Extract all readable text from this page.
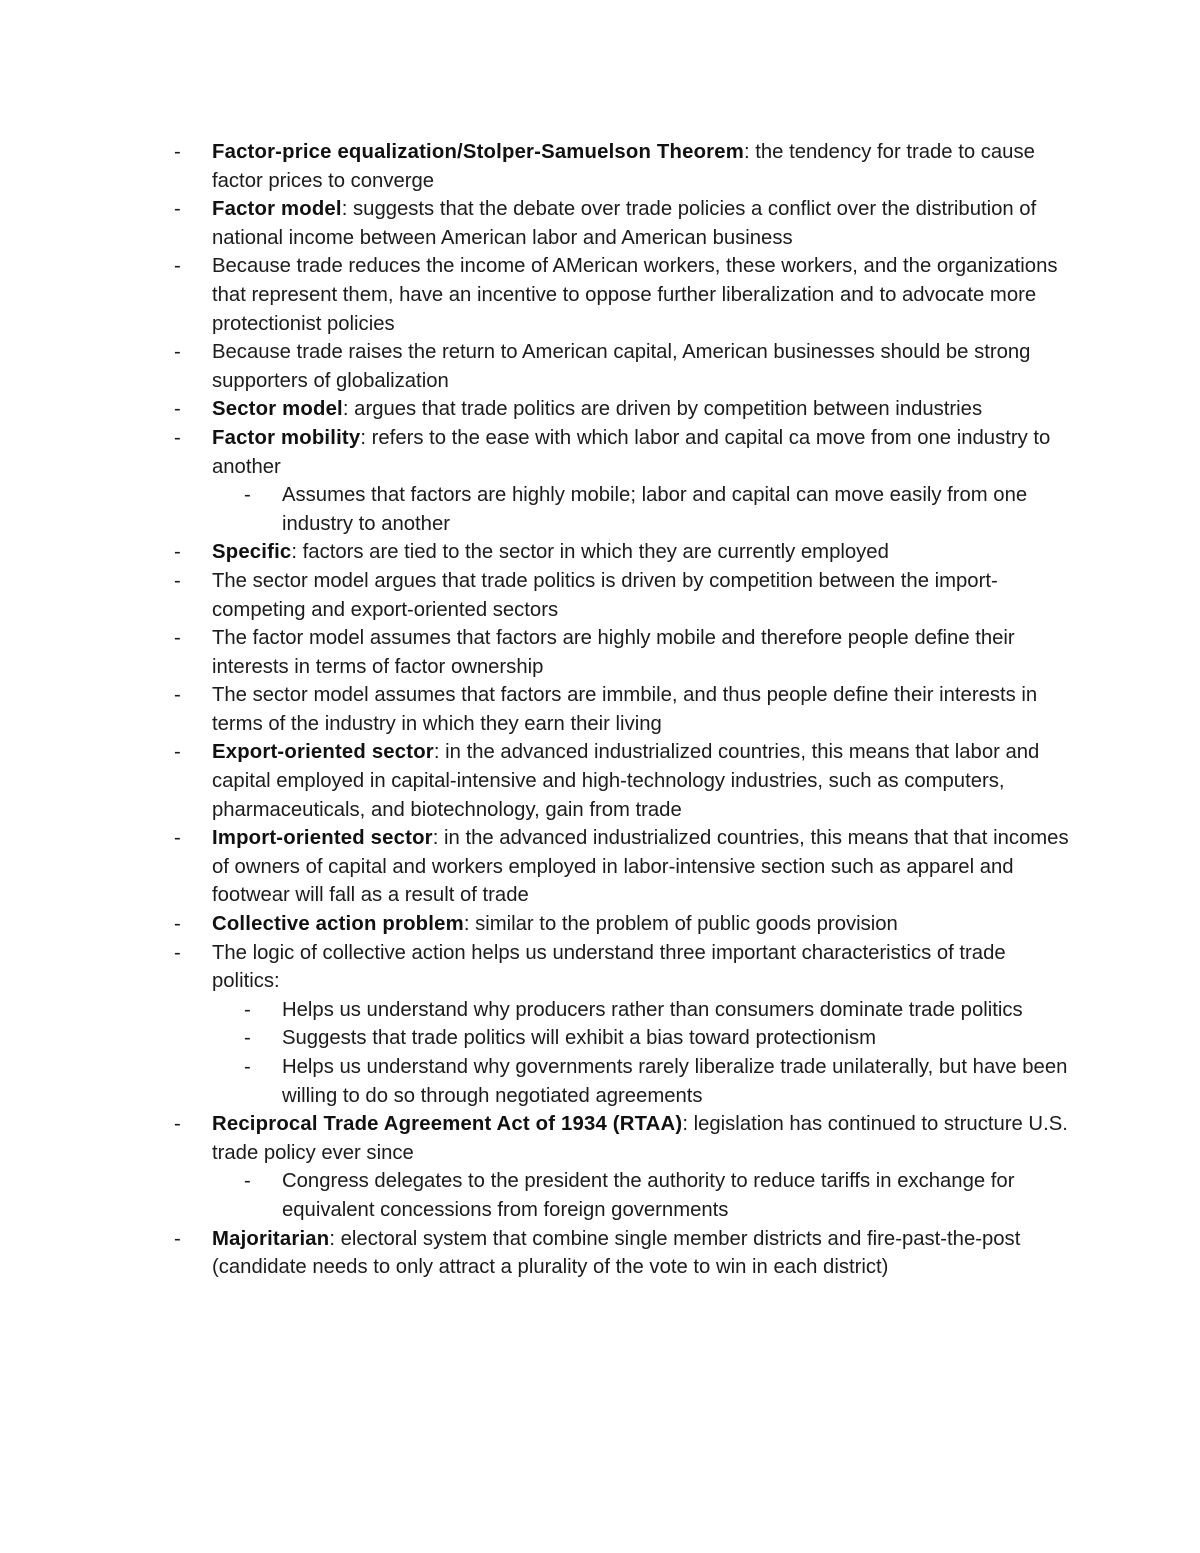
- Factor-price equalization/Stolper-Samuelson Theorem: the tendency for trade to cause factor prices to converge
- Factor model: suggests that the debate over trade policies a conflict over the distribution of national income between American labor and American business
- Because trade reduces the income of AMerican workers, these workers, and the organizations that represent them, have an incentive to oppose further liberalization and to advocate more protectionist policies
- Because trade raises the return to American capital, American businesses should be strong supporters of globalization
- Sector model: argues that trade politics are driven by competition between industries
- Factor mobility: refers to the ease with which labor and capital ca move from one industry to another
- Assumes that factors are highly mobile; labor and capital can move easily from one industry to another
- Specific: factors are tied to the sector in which they are currently employed
- The sector model argues that trade politics is driven by competition between the import-competing and export-oriented sectors
- The factor model assumes that factors are highly mobile and therefore people define their interests in terms of factor ownership
- The sector model assumes that factors are immbile, and thus people define their interests in terms of the industry in which they earn their living
- Export-oriented sector: in the advanced industrialized countries, this means that labor and capital employed in capital-intensive and high-technology industries, such as computers, pharmaceuticals, and biotechnology, gain from trade
- Import-oriented sector: in the advanced industrialized countries, this means that that incomes of owners of capital and workers employed in labor-intensive section such as apparel and footwear will fall as a result of trade
- Collective action problem: similar to the problem of public goods provision
- The logic of collective action helps us understand three important characteristics of trade politics:
- Helps us understand why producers rather than consumers dominate trade politics
- Suggests that trade politics will exhibit a bias toward protectionism
- Helps us understand why governments rarely liberalize trade unilaterally, but have been willing to do so through negotiated agreements
- Reciprocal Trade Agreement Act of 1934 (RTAA): legislation has continued to structure U.S. trade policy ever since
- Congress delegates to the president the authority to reduce tariffs in exchange for equivalent concessions from foreign governments
- Majoritarian: electoral system that combine single member districts and fire-past-the-post (candidate needs to only attract a plurality of the vote to win in each district)
